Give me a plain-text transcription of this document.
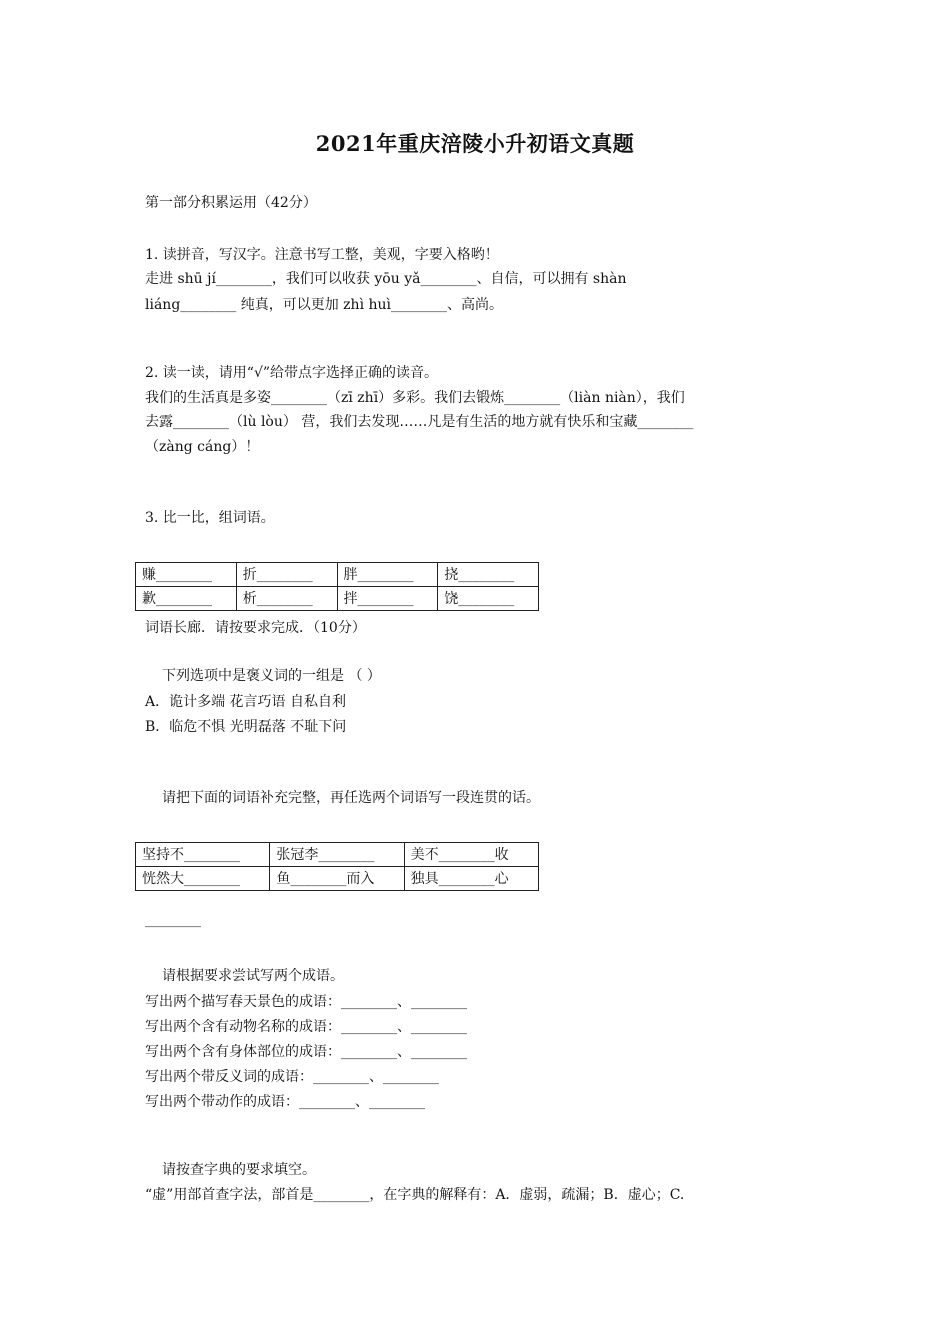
2021年重庆涪陵小升初语文真题
第一部分积累运用（42分）
1. 读拼音，写汉字。注意书写工整，美观，字要入格哟！
走进 shū jí________，我们可以收获 yōu yǎ________、自信，可以拥有 shàn
liáng________ 纯真，可以更加 zhì huì________、高尚。
2. 读一读，请用“√”给带点字选择正确的读音。
我们的生活真是多姿________（zī zhī）多彩。我们去锻炼________（liàn niàn），我们
去露________（lù lòu） 营，我们去发现……凡是有生活的地方就有快乐和宝藏________
（zàng cáng）！
3. 比一比，组词语。
赚________	折________	胖________	挠________
歉________	析________	拌________	饶________
词语长廊．请按要求完成．（10分）
下列选项中是褒义词的一组是 （ ）
A．诡计多端 花言巧语 自私自利
B．临危不惧 光明磊落 不耻下问
请把下面的词语补充完整，再任选两个词语写一段连贯的话。
坚持不________	张冠李________	美不________收
恍然大________	鱼________而入	独具________心
________
请根据要求尝试写两个成语。
写出两个描写春天景色的成语：________、________
写出两个含有动物名称的成语：________、________
写出两个含有身体部位的成语：________、________
写出两个带反义词的成语：________、________
写出两个带动作的成语：________、________
请按查字典的要求填空。
“虚”用部首查字法，部首是________，在字典的解释有：A．虚弱，疏漏；B．虚心；C.
